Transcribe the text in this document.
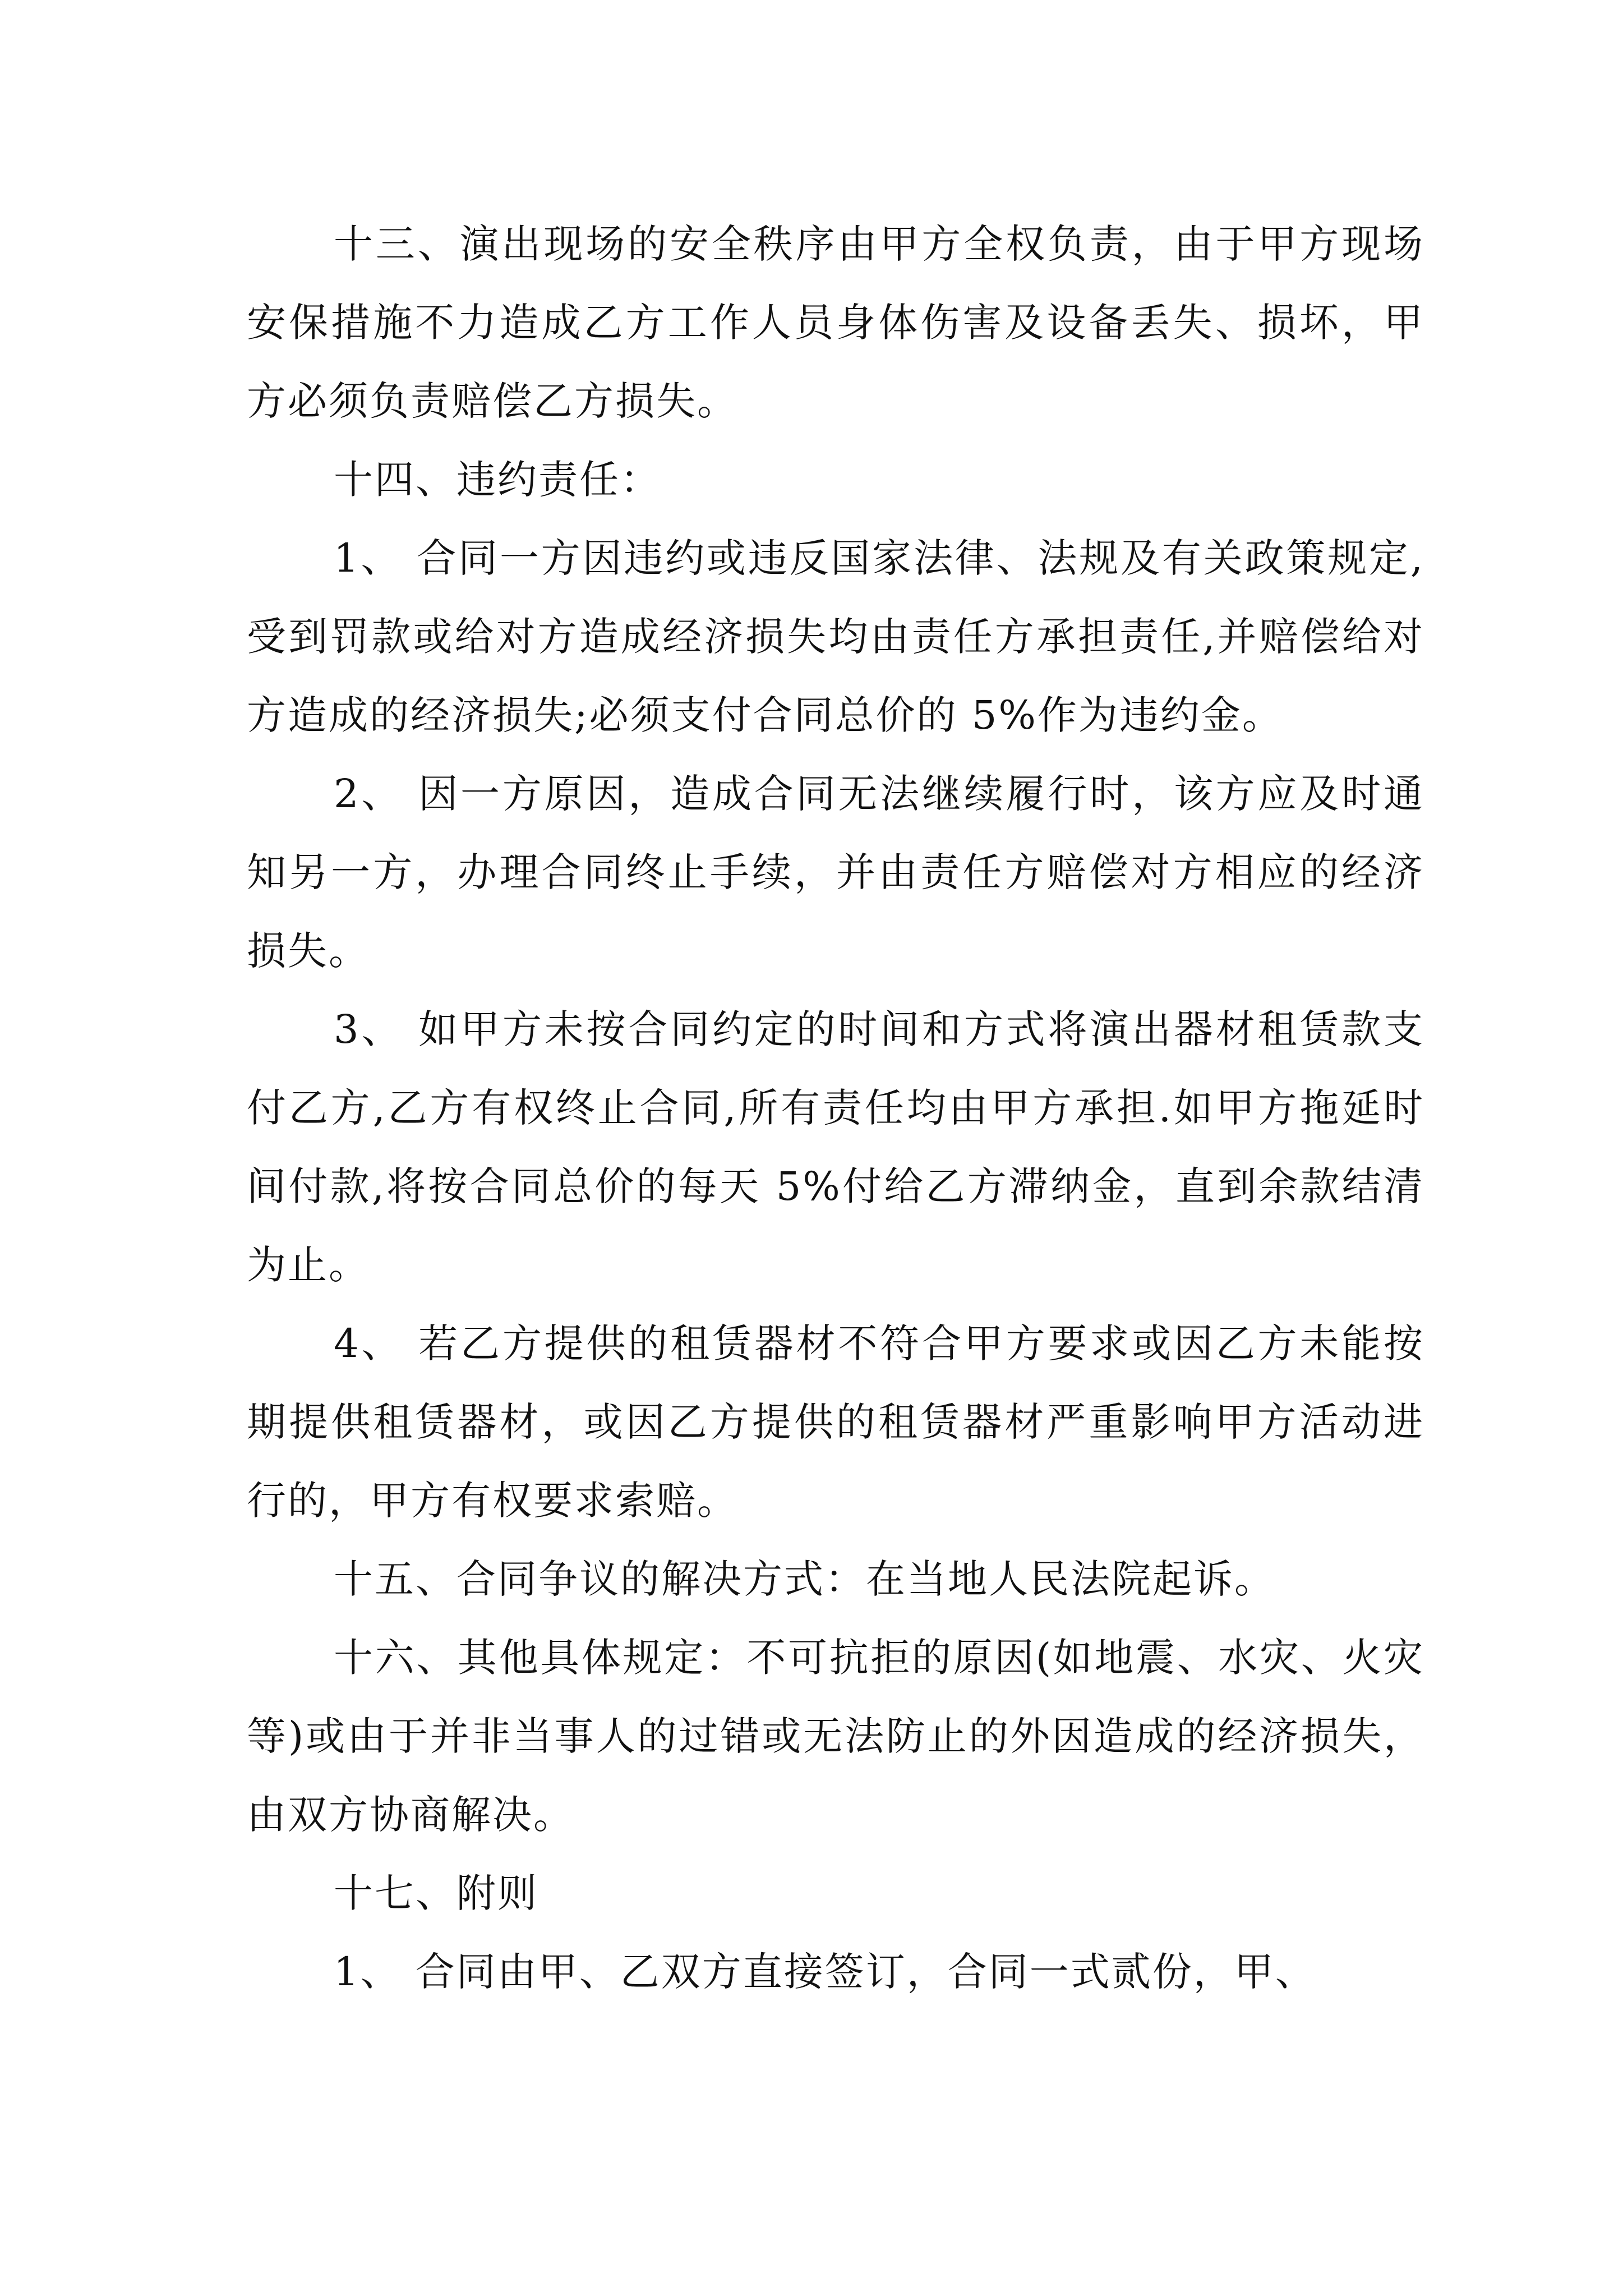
十三、演出现场的安全秩序由甲方全权负责，由于甲方现场安保措施不力造成乙方工作人员身体伤害及设备丢失、损坏，甲方必须负责赔偿乙方损失。

十四、违约责任：

1、 合同一方因违约或违反国家法律、法规及有关政策规定,受到罚款或给对方造成经济损失均由责任方承担责任,并赔偿给对方造成的经济损失;必须支付合同总价的 5%作为违约金。

2、 因一方原因，造成合同无法继续履行时，该方应及时通知另一方，办理合同终止手续，并由责任方赔偿对方相应的经济损失。

3、 如甲方未按合同约定的时间和方式将演出器材租赁款支付乙方,乙方有权终止合同,所有责任均由甲方承担.如甲方拖延时间付款,将按合同总价的每天 5%付给乙方滞纳金，直到余款结清为止。

4、 若乙方提供的租赁器材不符合甲方要求或因乙方未能按期提供租赁器材，或因乙方提供的租赁器材严重影响甲方活动进行的，甲方有权要求索赔。

十五、合同争议的解决方式：在当地人民法院起诉。

十六、其他具体规定：不可抗拒的原因(如地震、水灾、火灾等)或由于并非当事人的过错或无法防止的外因造成的经济损失，由双方协商解决。

十七、附则

1、 合同由甲、乙双方直接签订，合同一式贰份，甲、
